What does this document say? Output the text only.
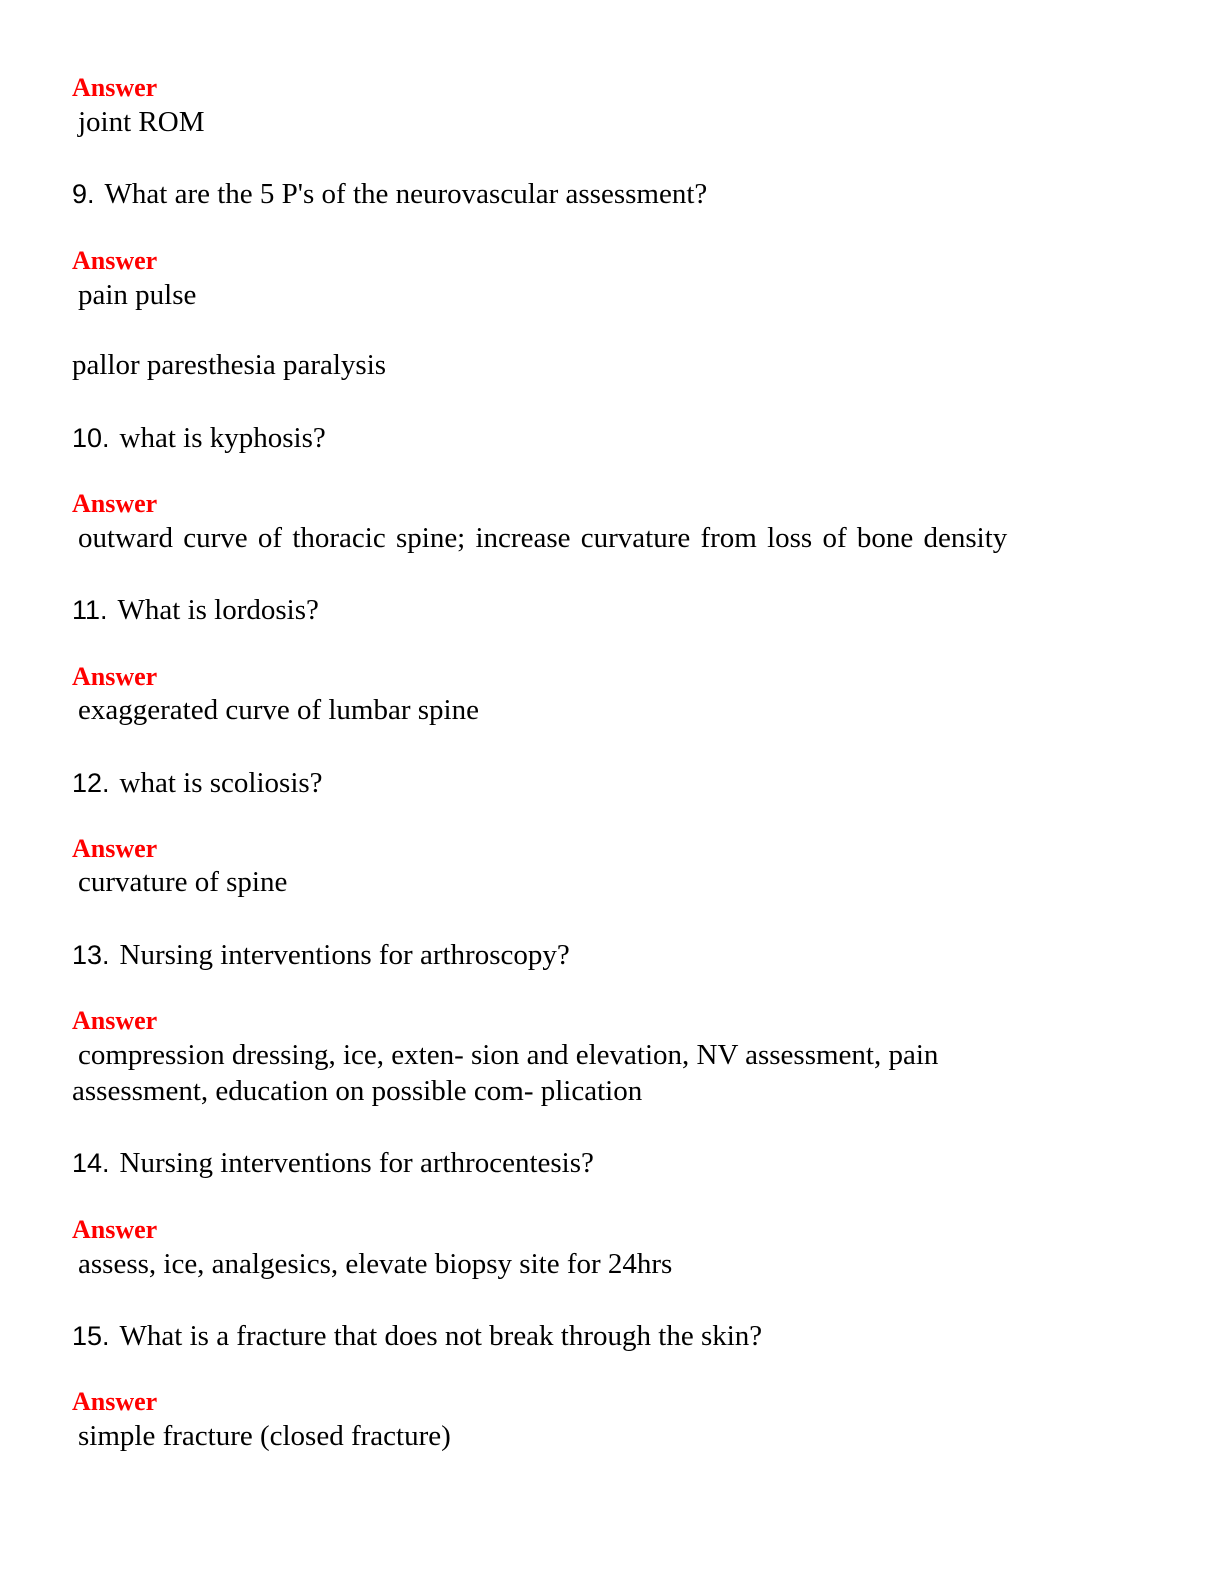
Answer
joint ROM
9. What are the 5 P's of the neurovascular assessment?
Answer
pain pulse
pallor paresthesia paralysis
10. what is kyphosis?
Answer
outward curve of thoracic spine; increase curvature from loss of bone density
11. What is lordosis?
Answer
exaggerated curve of lumbar spine
12. what is scoliosis?
Answer
curvature of spine
13. Nursing interventions for arthroscopy?
Answer
compression dressing, ice, exten- sion and elevation, NV assessment, pain
assessment, education on possible com- plication
14. Nursing interventions for arthrocentesis?
Answer
assess, ice, analgesics, elevate biopsy site for 24hrs
15. What is a fracture that does not break through the skin?
Answer
simple fracture (closed fracture)
